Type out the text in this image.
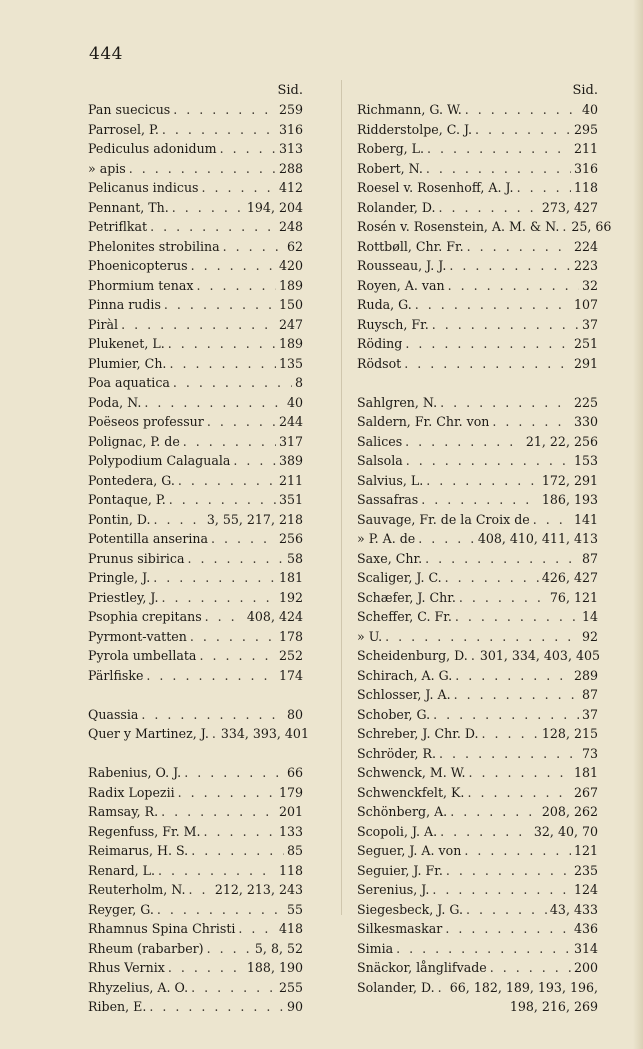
444
Sid.
Pan suecicus . . .	259
Parrosel, P. . . .	316
Pediculus adonidum . . .	313
» apis . . .	288
Pelicanus indicus . . .	412
Pennant, Th. . . .	194, 204
Petriflkat . . .	248
Phelonites strobilina . . .	62
Phoenicopterus . . .	420
Phormium tenax . . .	189
Pinna rudis . . .	150
Piràl . . .	247
Plukenet, L. . . .	189
Plumier, Ch. . . .	135
Poa aquatica . . .	8
Poda, N. . . .	40
Poëseos professur . . .	244
Polignac, P. de . . .	317
Polypodium Calaguala . . .	389
Pontedera, G. . . .	211
Pontaque, P. . . .	351
Pontin, D. . . .	3, 55, 217, 218
Potentilla anserina . . .	256
Prunus sibirica . . .	58
Pringle, J. . . .	181
Priestley, J. . . .	192
Psophia crepitans . . .	408, 424
Pyrmont-vatten . . .	178
Pyrola umbellata . . .	252
Pärlfiske . . .	174
Quassia . . .	80
Quer y Martinez, J. . . . 334, 393, 401
Rabenius, O. J. . . .	66
Radix Lopezii . . .	179
Ramsay, R. . . .	201
Regenfuss, Fr. M. . . .	133
Reimarus, H. S. . . .	85
Renard, L. . . .	118
Reuterholm, N. . . . 212, 213, 243
Reyger, G. . . .	55
Rhamnus Spina Christi . . .	418
Rheum (rabarber) . . .	5, 8, 52
Rhus Vernix . . .	188, 190
Rhyzelius, A. O. . . .	255
Riben, E. . . .	90
Sid.
Richmann, G. W. . . .	40
Ridderstolpe, C. J. . . .	295
Roberg, L. . . .	211
Robert, N. . . .	316
Roesel v. Rosenhoff, A. J. . . .	118
Rolander, D. . . .	273, 427
Rosén v. Rosenstein, A. M. & N. . . . 25, 66
Rottbøll, Chr. Fr. . . .	224
Rousseau, J. J. . . .	223
Royen, A. van . . .	32
Ruda, G. . . .	107
Ruysch, Fr. . . .	37
Röding . . .	251
Rödsot . . .	291
Sahlgren, N. . . .	225
Saldern, Fr. Chr. von . . .	330
Salices . . .	21, 22, 256
Salsola . . .	153
Salvius, L. . . .	172, 291
Sassafras . . .	186, 193
Sauvage, Fr. de la Croix de . . .	141
» P. A. de . . .	408, 410, 411, 413
Saxe, Chr. . . .	87
Scaliger, J. C. . . .	426, 427
Schæfer, J. Chr. . . .	76, 121
Scheffer, C. Fr. . . .	14
» U. . . .	92
Scheidenburg, D. . . . 301, 334, 403, 405
Schirach, A. G. . . .	289
Schlosser, J. A. . . .	87
Schober, G. . . .	37
Schreber, J. Chr. D. . . .	128, 215
Schröder, R. . . .	73
Schwenck, M. W. . . .	181
Schwenckfelt, K. . . .	267
Schönberg, A. . . .	208, 262
Scopoli, J. A. . . .	32, 40, 70
Seguer, J. A. von . . .	121
Seguier, J. Fr. . . .	235
Serenius, J. . . .	124
Siegesbeck, J. G. . . .	43, 433
Silkesmaskar . . .	436
Simia . . .	314
Snäckor, långlifvade . . .	200
Solander, D. . . . 66, 182, 189, 193, 196,
198, 216, 269
